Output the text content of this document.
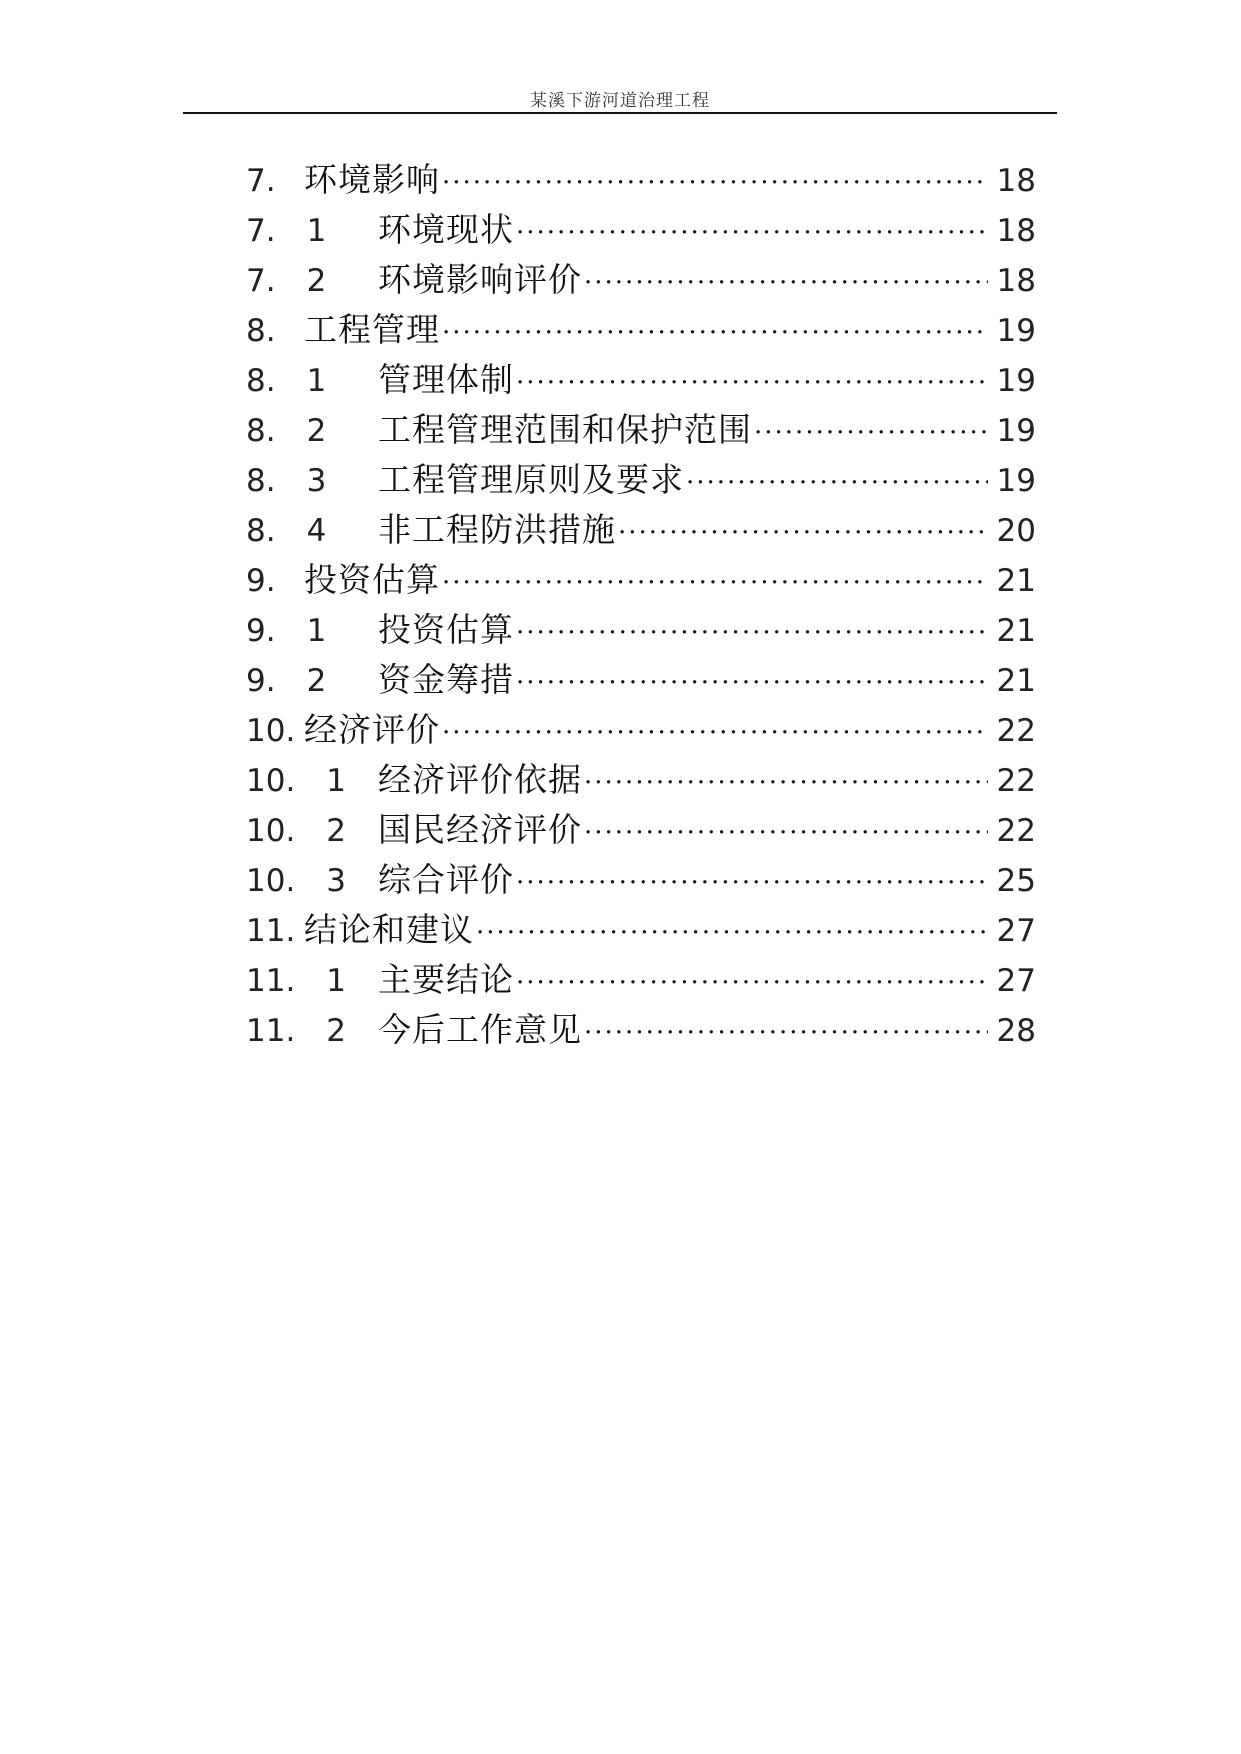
某溪下游河道治理工程
7. 环境影响 ·····	18
7.　1	环境现状 ·····	18
7.　2	环境影响评价 ·····	18
8. 工程管理 ·····	19
8.　1	管理体制 ·····	19
8.　2	工程管理范围和保护范围 ·····	19
8.　3	工程管理原则及要求 ·····	19
8.　4	非工程防洪措施 ·····	20
9. 投资估算 ·····	21
9.　1	投资估算 ·····	21
9.　2	资金筹措 ·····	21
10. 经济评价 ·····	22
10.　1 经济评价依据 ·····	22
10.　2 国民经济评价 ·····	22
10.　3 综合评价 ·····	25
11. 结论和建议 ·····	27
11.　1 主要结论 ·····	27
11.　2 今后工作意见 ·····	28
